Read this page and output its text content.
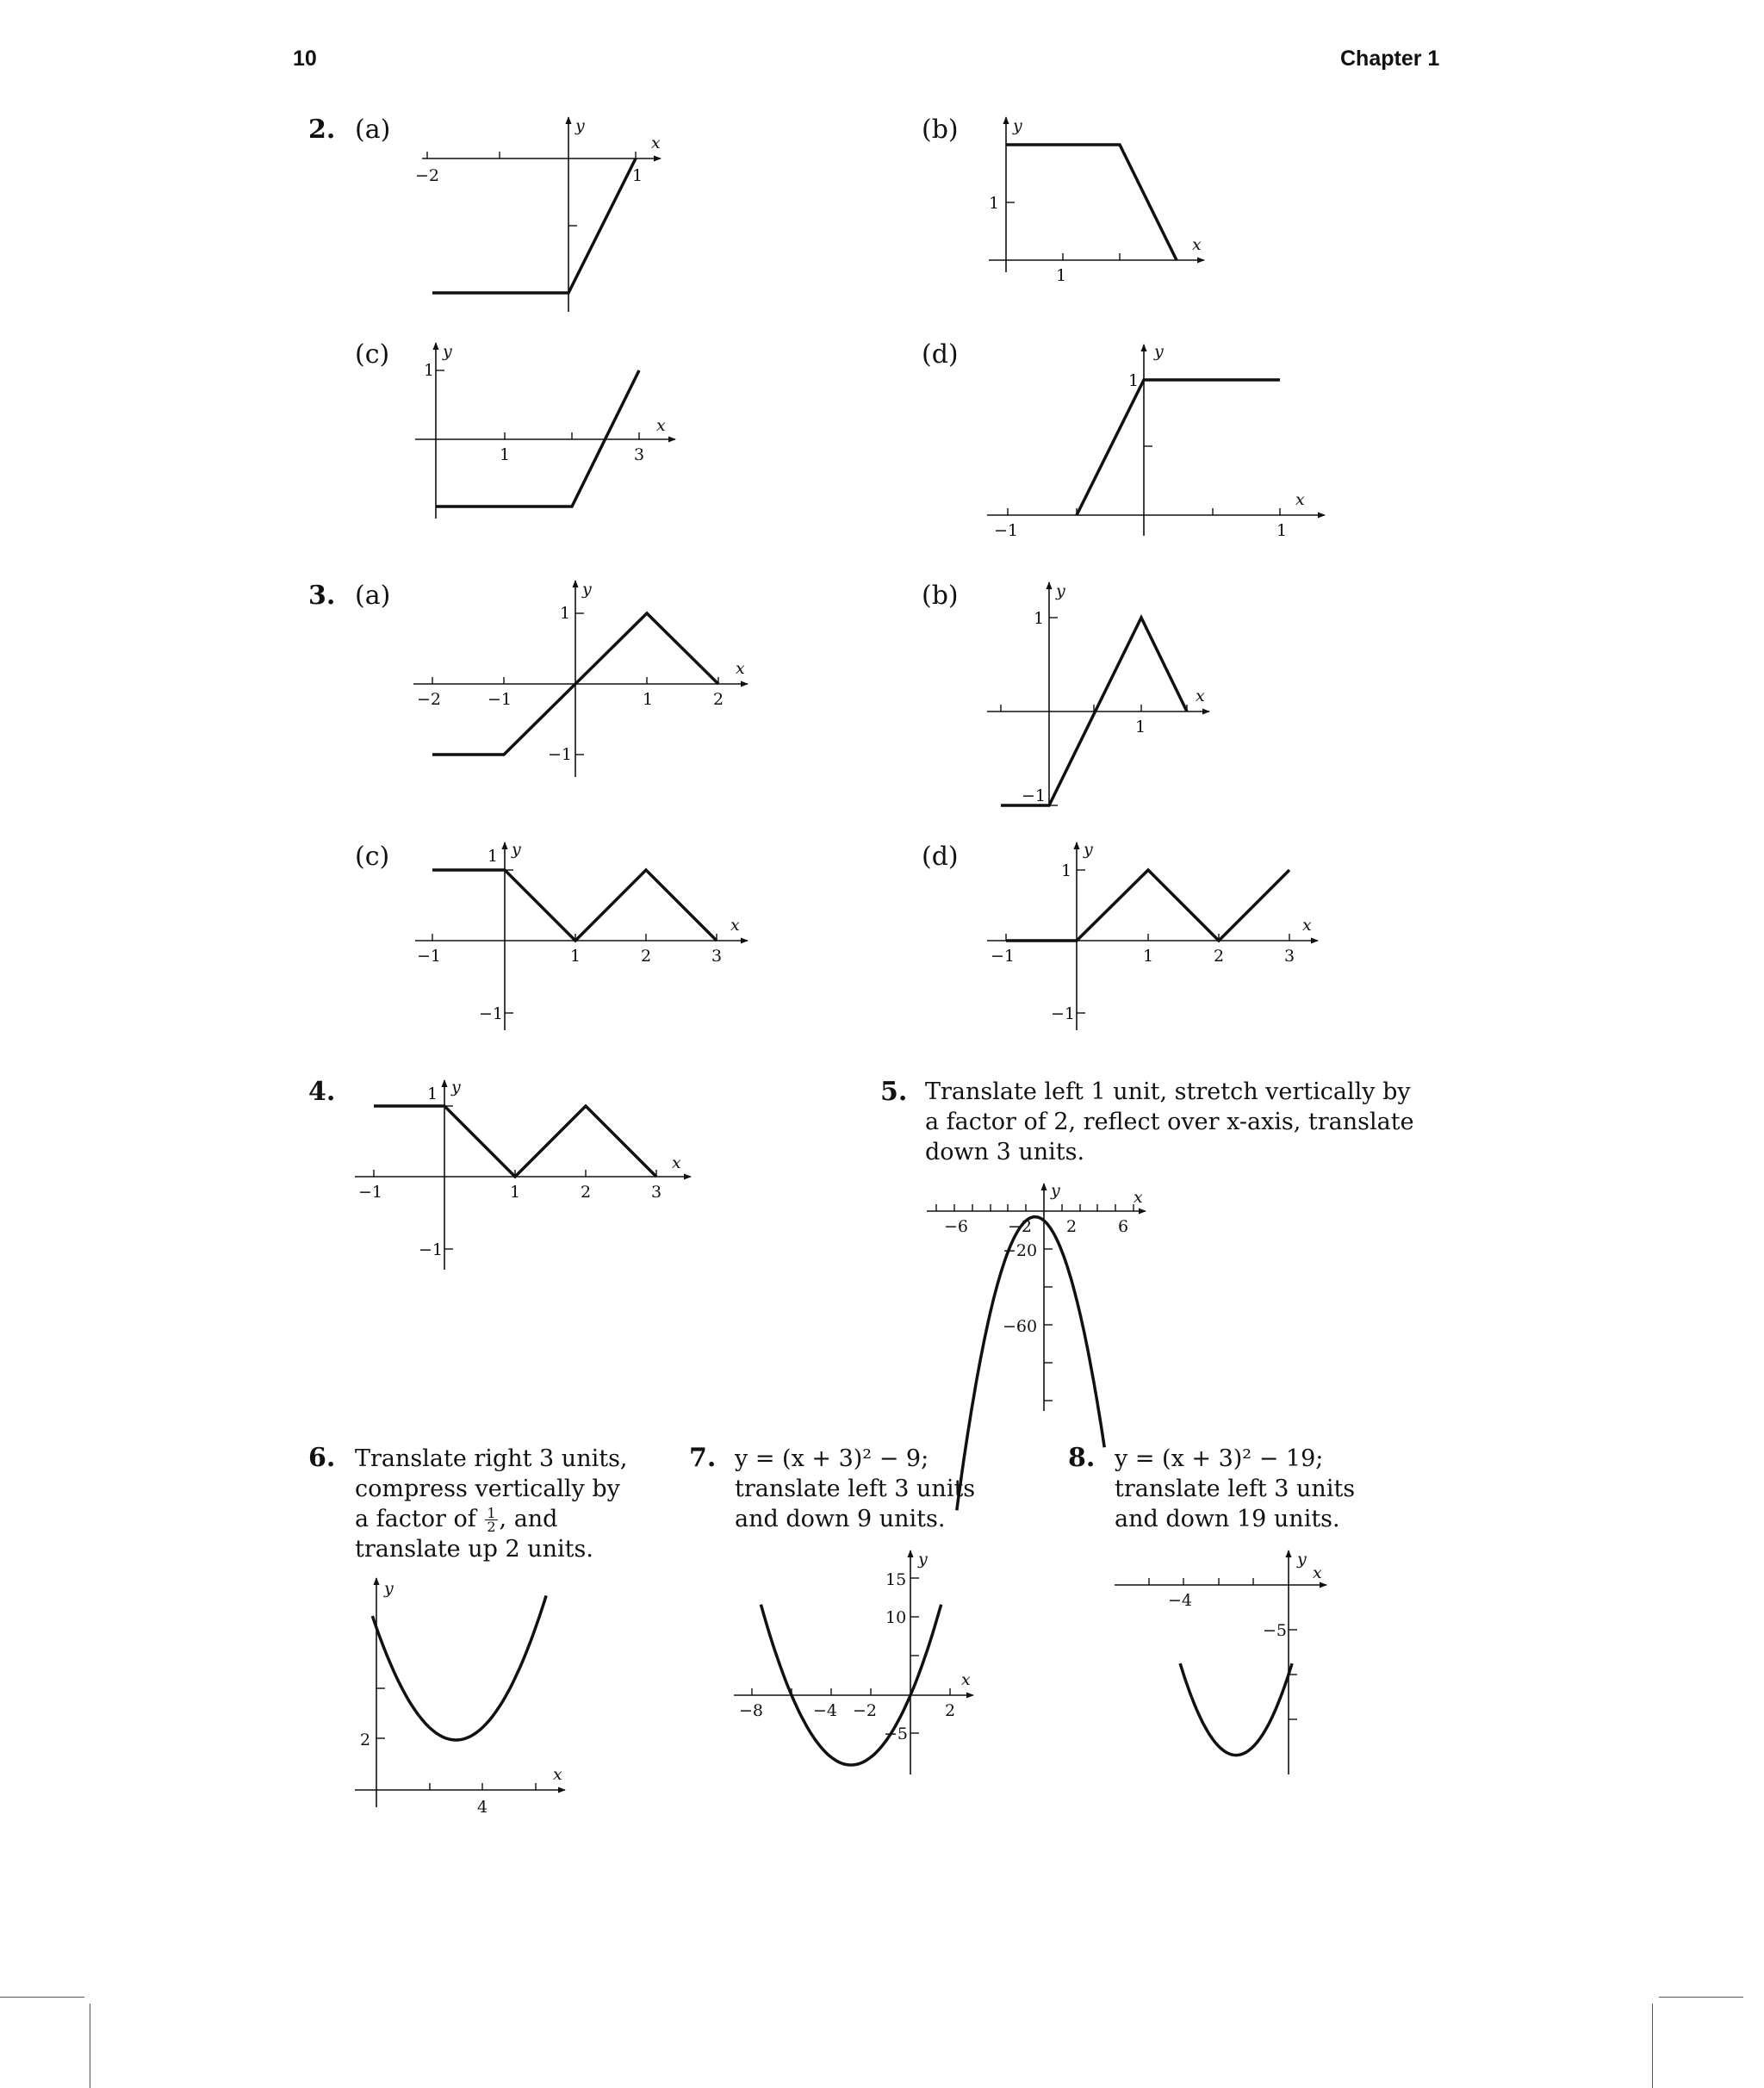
10	Chapter 1
2. (a)	(b)
(c)	(d)
3. (a)	(b)
(c)	(d)
4.	5. Translate left 1 unit, stretch vertically by
a factor of 2, reflect over x-axis, translate
down 3 units.
6. Translate right 3 units,
compress vertically by
a factor of $\frac{1}{2}$ , and
translate up 2 units.
7. y = (x + 3)² − 9;
translate left 3 units
and down 9 units.
8. y = (x + 3)² − 19;
translate left 3 units
and down 19 units.
−2	1
y
x
1
1
y
x
1
1	3
y
x
1
−1	1
y
x
1
−2	−1	1	2
−1
y
x
1
1
−1
y
x
1
−1	1	2	3
−1
y
x
1
−1	1	2	3
−1
y
x
1
−1	1	2	3
−1
y
x
−6 −2 2	6
−20
−60
y	x
2
4
y
x
15
10
−8	−4 −2	2
−5
y
x
−4
−5
y
x
